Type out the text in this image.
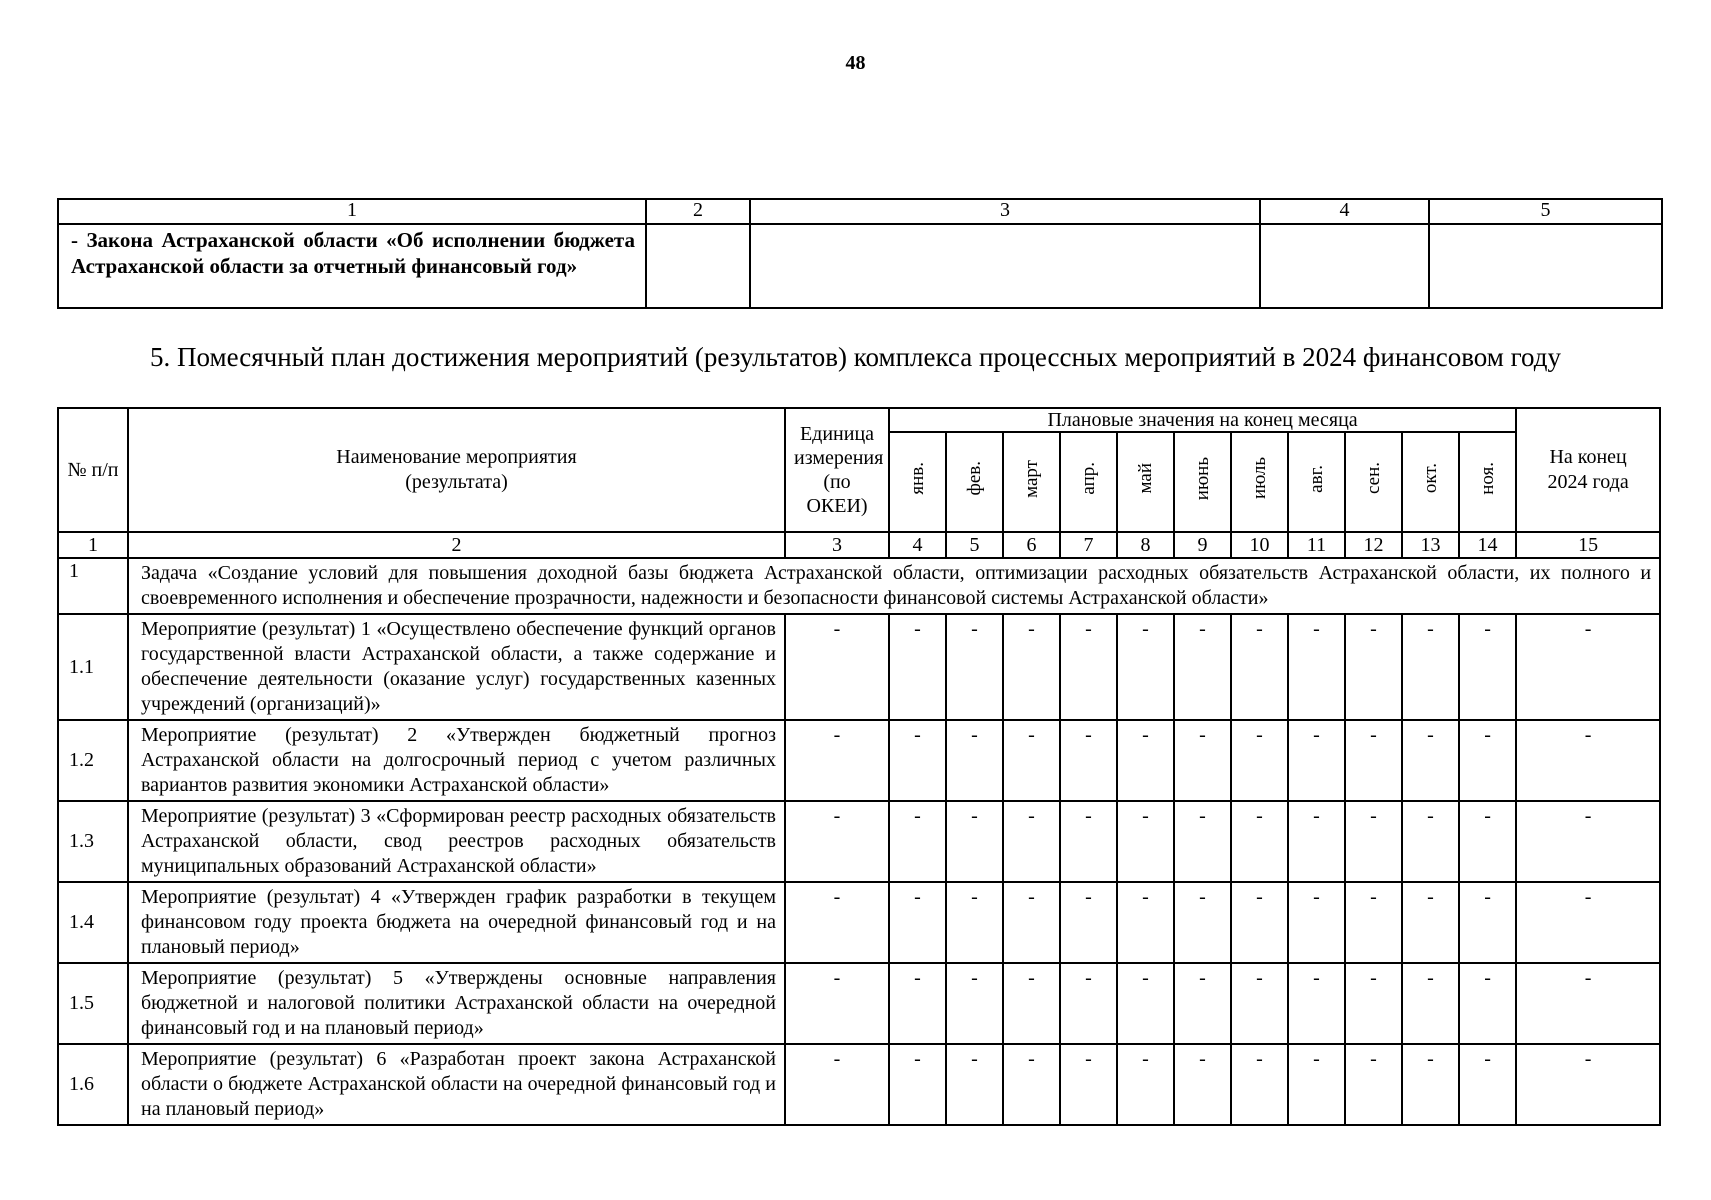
48
1	2	3	4	5
- Закона Астраханской области «Об исполнении бюджета Астраханской области за отчетный финансовый год»				
5. Помесячный план достижения мероприятий (результатов) комплекса процессных мероприятий в 2024 финансовом году
№ п/п	Наименование мероприятия (результата)	Единица измерения (по ОКЕИ)	Плановые значения на конец месяца											На конец 2024 года
			янв.	фев.	март	апр.	май	июнь	июль	авг.	сен.	окт.	ноя.	
1	2	3	4	5	6	7	8	9	10	11	12	13	14	15
1	Задача «Создание условий для повышения доходной базы бюджета Астраханской области, оптимизации расходных обязательств Астраханской области, их полного и своевременного исполнения и обеспечение прозрачности, надежности и безопасности финансовой системы Астраханской области»													
1.1	Мероприятие (результат) 1 «Осуществлено обеспечение функций органов государственной власти Астраханской области, а также содержание и обеспечение деятельности (оказание услуг) государственных казенных учреждений (организаций)»	-	-	-	-	-	-	-	-	-	-	-	-	-
1.2	Мероприятие (результат) 2 «Утвержден бюджетный прогноз Астраханской области на долгосрочный период с учетом различных вариантов развития экономики Астраханской области»	-	-	-	-	-	-	-	-	-	-	-	-	-
1.3	Мероприятие (результат) 3 «Сформирован реестр расходных обязательств Астраханской области, свод реестров расходных обязательств муниципальных образований Астраханской области»	-	-	-	-	-	-	-	-	-	-	-	-	-
1.4	Мероприятие (результат) 4 «Утвержден график разработки в текущем финансовом году проекта бюджета на очередной финансовый год и на плановый период»	-	-	-	-	-	-	-	-	-	-	-	-	-
1.5	Мероприятие (результат) 5 «Утверждены основные направления бюджетной и налоговой политики Астраханской области на очередной финансовый год и на плановый период»	-	-	-	-	-	-	-	-	-	-	-	-	-
1.6	Мероприятие (результат) 6 «Разработан проект закона Астраханской области о бюджете Астраханской области на очередной финансовый год и на плановый период»	-	-	-	-	-	-	-	-	-	-	-	-	-
